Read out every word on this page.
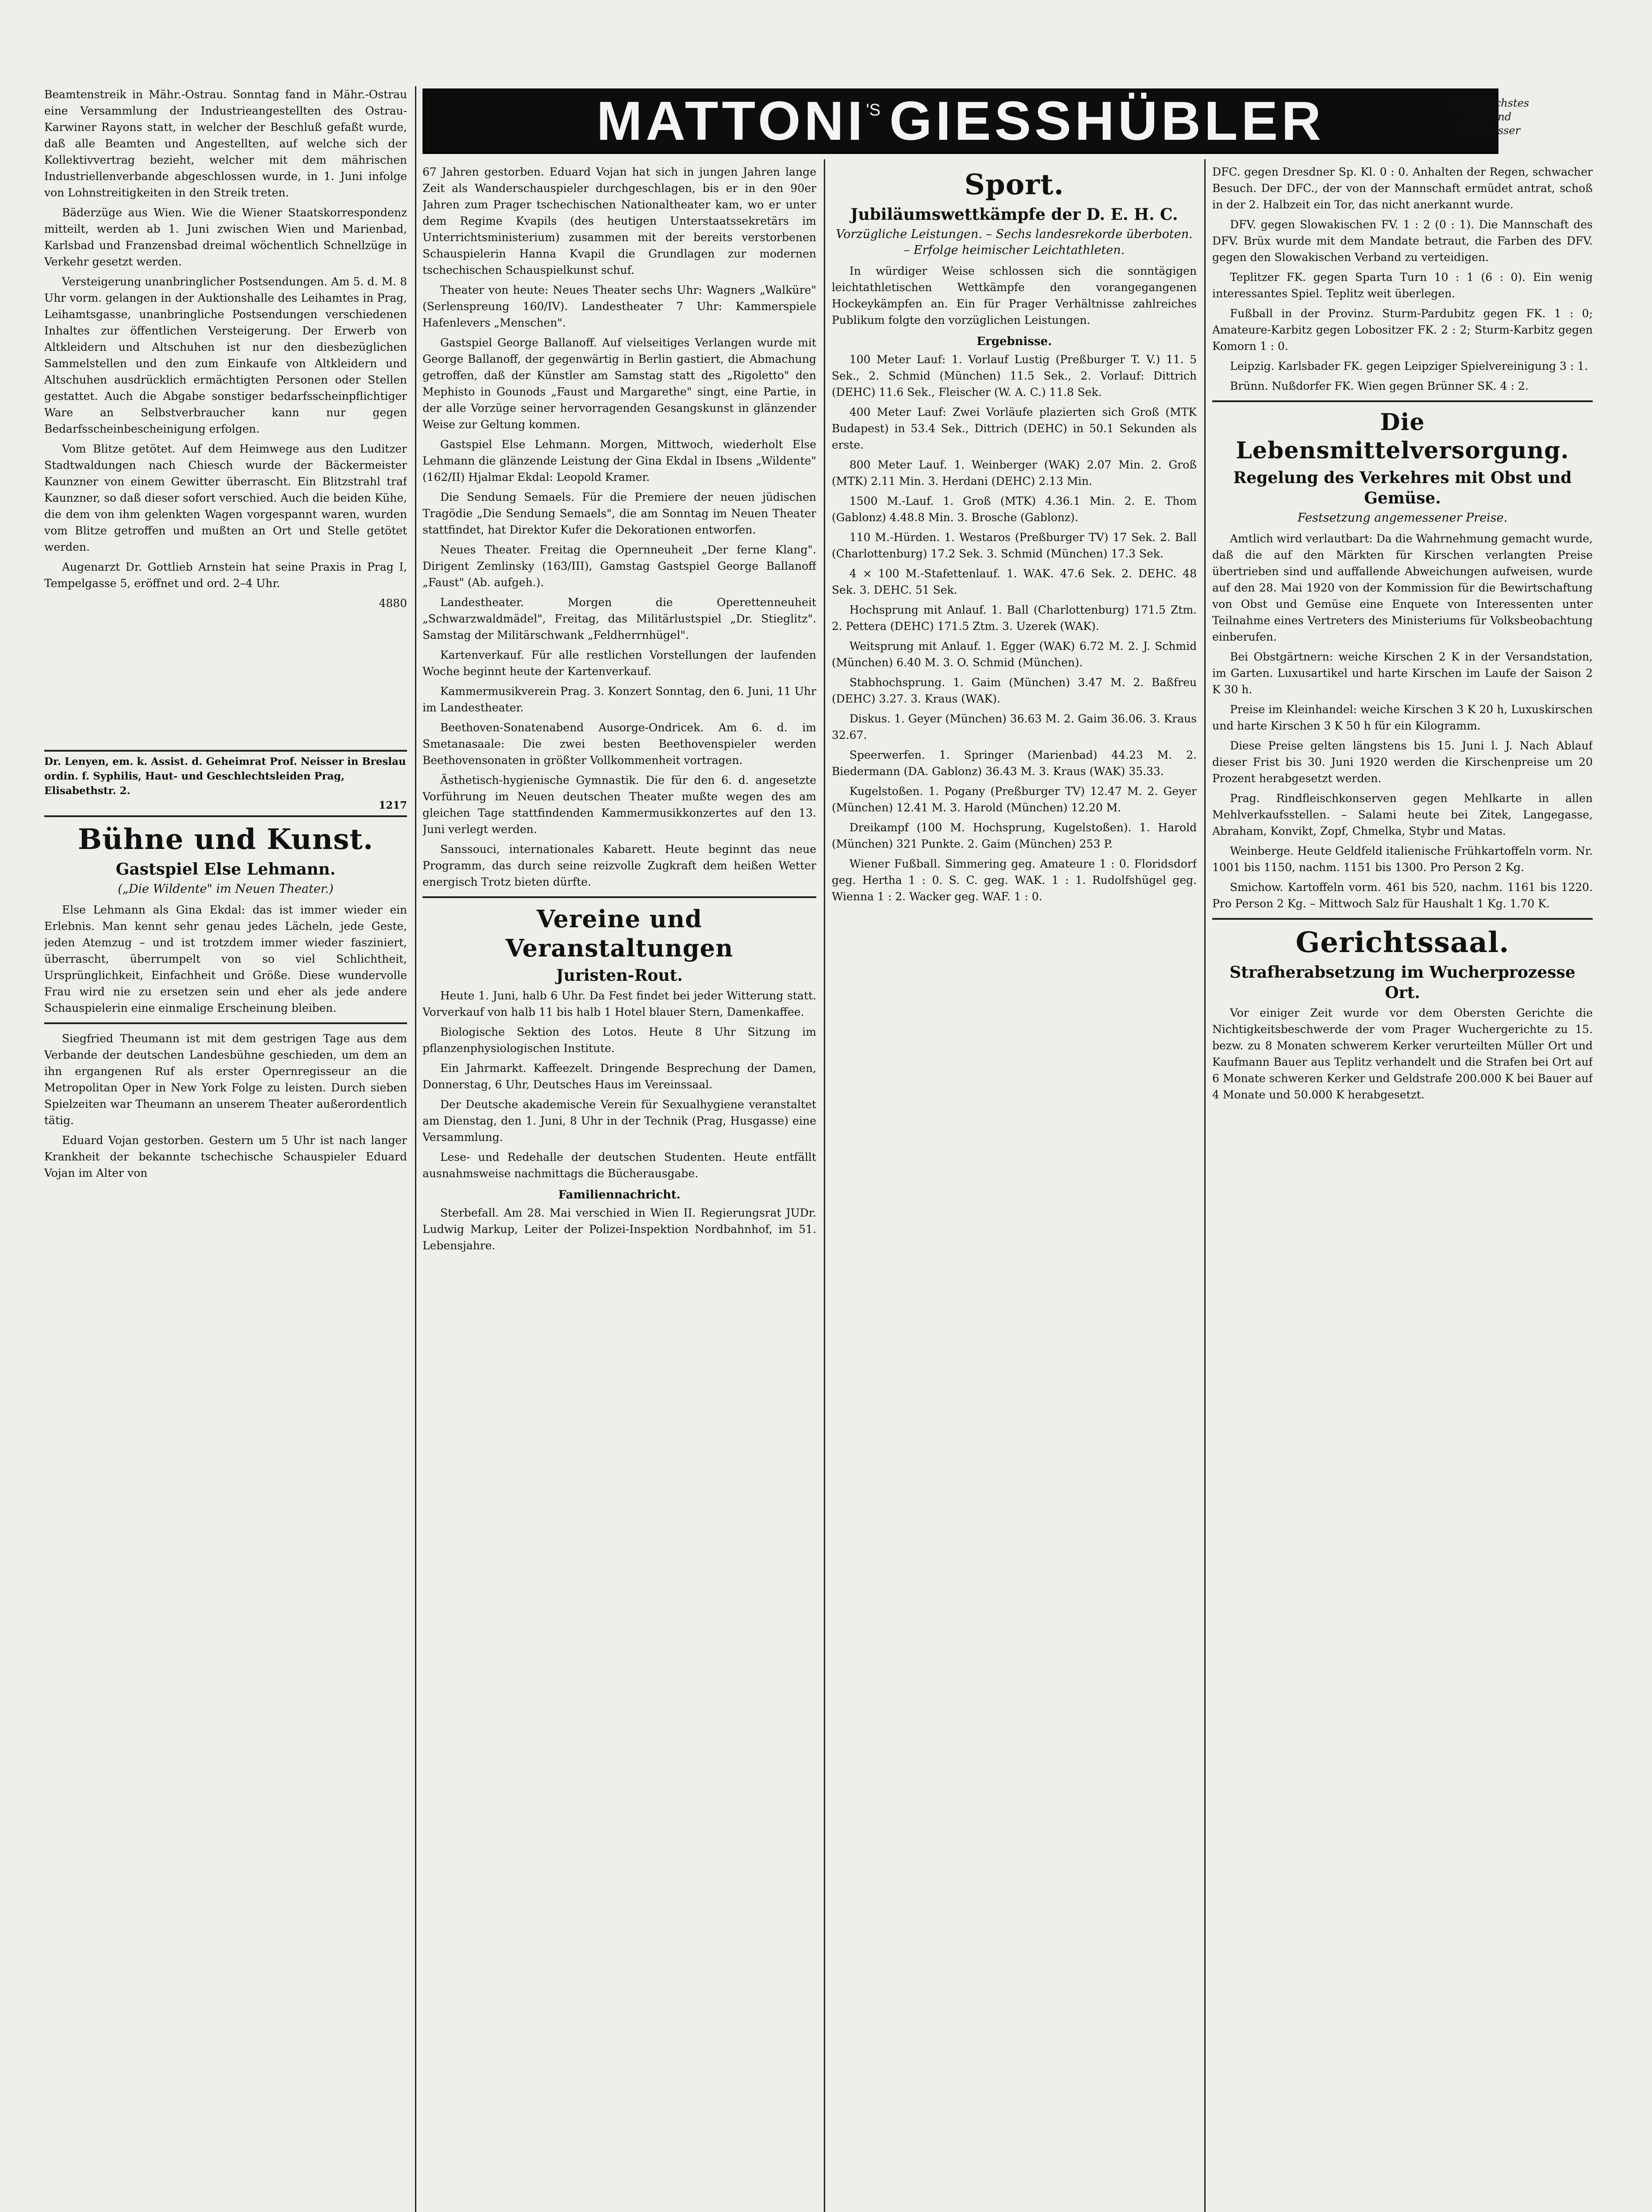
MATTONI 'S GIESSHÜBLER	Vorzüglichstes
Heil und
Tafelwasser

Beamtenstreik in Mähr.-Ostrau. Sonntag fand in Mähr.-Ostrau eine Versammlung der Industrieangestellten des Ostrau-Karwiner Rayons statt, in welcher der Beschluß gefaßt wurde, daß alle Beamten und Angestellten, auf welche sich der Kollektivvertrag bezieht, welcher mit dem mährischen Industriellenverbande abgeschlossen wurde, in 1. Juni infolge von Lohnstreitigkeiten in den Streik treten.

Bäderzüge aus Wien. Wie die Wiener Staatskorrespondenz mitteilt, werden ab 1. Juni zwischen Wien und Marienbad, Karlsbad und Franzensbad dreimal wöchentlich Schnellzüge in Verkehr gesetzt werden.

Versteigerung unanbringlicher Postsendungen. Am 5. d. M. 8 Uhr vorm. gelangen in der Auktionshalle des Leihamtes in Prag, Leihamtsgasse, unanbringliche Postsendungen verschiedenen Inhaltes zur öffentlichen Versteigerung. Der Erwerb von Altkleidern und Altschuhen ist nur den diesbezüglichen Sammelstellen und den zum Einkaufe von Altkleidern und Altschuhen ausdrücklich ermächtigten Personen oder Stellen gestattet. Auch die Abgabe sonstiger bedarfsscheinpflichtiger Ware an Selbstverbraucher kann nur gegen Bedarfsscheinbescheinigung erfolgen.

Vom Blitze getötet. Auf dem Heimwege aus den Luditzer Stadtwaldungen nach Chiesch wurde der Bäckermeister Kaunzner von einem Gewitter überrascht. Ein Blitzstrahl traf Kaunzner, so daß dieser sofort verschied. Auch die beiden Kühe, die dem von ihm gelenkten Wagen vorgespannt waren, wurden vom Blitze getroffen und mußten an Ort und Stelle getötet werden.

Augenarzt Dr. Gottlieb Arnstein hat seine Praxis in Prag I, Tempelgasse 5, eröffnet und ord. 2–4 Uhr.

4880
Dr. Lenyen, em. k. Assist. d. Geheimrat Prof. Neisser in Breslau ordin. f. Syphilis, Haut- und Geschlechtsleiden Prag, Elisabethstr. 2.
1217
Bühne und Kunst.
Gastspiel Else Lehmann.
(„Die Wildente" im Neuen Theater.)

Else Lehmann als Gina Ekdal: das ist immer wieder ein Erlebnis. Man kennt sehr genau jedes Lächeln, jede Geste, jeden Atemzug – und ist trotzdem immer wieder fasziniert, überrascht, überrumpelt von so viel Schlichtheit, Ursprünglichkeit, Einfachheit und Größe. Diese wundervolle Frau wird nie zu ersetzen sein und eher als jede andere Schauspielerin eine einmalige Erscheinung bleiben.

Siegfried Theumann ist mit dem gestrigen Tage aus dem Verbande der deutschen Landesbühne geschieden, um dem an ihn ergangenen Ruf als erster Opernregisseur an die Metropolitan Oper in New York Folge zu leisten. Durch sieben Spielzeiten war Theumann an unserem Theater außerordentlich tätig.

Eduard Vojan gestorben. Gestern um 5 Uhr ist nach langer Krankheit der bekannte tschechische Schauspieler Eduard Vojan im Alter von

67 Jahren gestorben. Eduard Vojan hat sich in jungen Jahren lange Zeit als Wanderschauspieler durchgeschlagen, bis er in den 90er Jahren zum Prager tschechischen Nationaltheater kam, wo er unter dem Regime Kvapils (des heutigen Unterstaatssekretärs im Unterrichtsministerium) zusammen mit der bereits verstorbenen Schauspielerin Hanna Kvapil die Grundlagen zur modernen tschechischen Schauspielkunst schuf.

Theater von heute: Neues Theater sechs Uhr: Wagners „Walküre" (Serlenspreung 160/IV). Landestheater 7 Uhr: Kammerspiele Hafenlevers „Menschen".

Gastspiel George Ballanoff. Auf vielseitiges Verlangen wurde mit George Ballanoff, der gegenwärtig in Berlin gastiert, die Abmachung getroffen, daß der Künstler am Samstag statt des „Rigoletto" den Mephisto in Gounods „Faust und Margarethe" singt, eine Partie, in der alle Vorzüge seiner hervorragenden Gesangskunst in glänzender Weise zur Geltung kommen.

Gastspiel Else Lehmann. Morgen, Mittwoch, wiederholt Else Lehmann die glänzende Leistung der Gina Ekdal in Ibsens „Wildente" (162/II) Hjalmar Ekdal: Leopold Kramer.

Die Sendung Semaels. Für die Premiere der neuen jüdischen Tragödie „Die Sendung Semaels", die am Sonntag im Neuen Theater stattfindet, hat Direktor Kufer die Dekorationen entworfen.

Neues Theater. Freitag die Opernneuheit „Der ferne Klang". Dirigent Zemlinsky (163/III), Gamstag Gastspiel George Ballanoff „Faust" (Ab. aufgeh.).

Landestheater. Morgen die Operettenneuheit „Schwarzwaldmädel", Freitag, das Militärlustspiel „Dr. Stieglitz". Samstag der Militärschwank „Feldherrnhügel".

Kartenverkauf. Für alle restlichen Vorstellungen der laufenden Woche beginnt heute der Kartenverkauf.

Kammermusikverein Prag. 3. Konzert Sonntag, den 6. Juni, 11 Uhr im Landestheater.

Beethoven-Sonatenabend Ausorge-Ondricek. Am 6. d. im Smetanasaale: Die zwei besten Beethovenspieler werden Beethovensonaten in größter Vollkommenheit vortragen.

Ästhetisch-hygienische Gymnastik. Die für den 6. d. angesetzte Vorführung im Neuen deutschen Theater mußte wegen des am gleichen Tage stattfindenden Kammermusikkonzertes auf den 13. Juni verlegt werden.

Sanssouci, internationales Kabarett. Heute beginnt das neue Programm, das durch seine reizvolle Zugkraft dem heißen Wetter energisch Trotz bieten dürfte.

Vereine und Veranstaltungen
Juristen-Rout.

Heute 1. Juni, halb 6 Uhr. Da Fest findet bei jeder Witterung statt. Vorverkauf von halb 11 bis halb 1 Hotel blauer Stern, Damenkaffee.

Biologische Sektion des Lotos. Heute 8 Uhr Sitzung im pflanzenphysiologischen Institute.

Ein Jahrmarkt. Kaffeezelt. Dringende Besprechung der Damen, Donnerstag, 6 Uhr, Deutsches Haus im Vereinssaal.

Der Deutsche akademische Verein für Sexualhygiene veranstaltet am Dienstag, den 1. Juni, 8 Uhr in der Technik (Prag, Husgasse) eine Versammlung.

Lese- und Redehalle der deutschen Studenten. Heute entfällt ausnahmsweise nachmittags die Bücherausgabe.

Familiennachricht.

Sterbefall. Am 28. Mai verschied in Wien II. Regierungsrat JUDr. Ludwig Markup, Leiter der Polizei-Inspektion Nordbahnhof, im 51. Lebensjahre.

Sport.
Jubiläumswettkämpfe der D. E. H. C.
Vorzügliche Leistungen. – Sechs landesrekorde überboten. – Erfolge heimischer Leichtathleten.

In würdiger Weise schlossen sich die sonntägigen leichtathletischen Wettkämpfe den vorangegangenen Hockeykämpfen an. Ein für Prager Verhältnisse zahlreiches Publikum folgte den vorzüglichen Leistungen.

Ergebnisse.

100 Meter Lauf: 1. Vorlauf Lustig (Preßburger T. V.) 11. 5 Sek., 2. Schmid (München) 11.5 Sek., 2. Vorlauf: Dittrich (DEHC) 11.6 Sek., Fleischer (W. A. C.) 11.8 Sek.

400 Meter Lauf: Zwei Vorläufe plazierten sich Groß (MTK Budapest) in 53.4 Sek., Dittrich (DEHC) in 50.1 Sekunden als erste.

800 Meter Lauf. 1. Weinberger (WAK) 2.07 Min. 2. Groß (MTK) 2.11 Min. 3. Herdani (DEHC) 2.13 Min.

1500 M.-Lauf. 1. Groß (MTK) 4.36.1 Min. 2. E. Thom (Gablonz) 4.48.8 Min. 3. Brosche (Gablonz).

110 M.-Hürden. 1. Westaros (Preßburger TV) 17 Sek. 2. Ball (Charlottenburg) 17.2 Sek. 3. Schmid (München) 17.3 Sek.

4 × 100 M.-Stafettenlauf. 1. WAK. 47.6 Sek. 2. DEHC. 48 Sek. 3. DEHC. 51 Sek.

Hochsprung mit Anlauf. 1. Ball (Charlottenburg) 171.5 Ztm. 2. Pettera (DEHC) 171.5 Ztm. 3. Uzerek (WAK).

Weitsprung mit Anlauf. 1. Egger (WAK) 6.72 M. 2. J. Schmid (München) 6.40 M. 3. O. Schmid (München).

Stabhochsprung. 1. Gaim (München) 3.47 M. 2. Baßfreu (DEHC) 3.27. 3. Kraus (WAK).

Diskus. 1. Geyer (München) 36.63 M. 2. Gaim 36.06. 3. Kraus 32.67.

Speerwerfen. 1. Springer (Marienbad) 44.23 M. 2. Biedermann (DA. Gablonz) 36.43 M. 3. Kraus (WAK) 35.33.

Kugelstoßen. 1. Pogany (Preßburger TV) 12.47 M. 2. Geyer (München) 12.41 M. 3. Harold (München) 12.20 M.

Dreikampf (100 M. Hochsprung, Kugelstoßen). 1. Harold (München) 321 Punkte. 2. Gaim (München) 253 P.

Wiener Fußball. Simmering geg. Amateure 1 : 0. Floridsdorf geg. Hertha 1 : 0. S. C. geg. WAK. 1 : 1. Rudolfshügel geg. Wienna 1 : 2. Wacker geg. WAF. 1 : 0.

DFC. gegen Dresdner Sp. Kl. 0 : 0. Anhalten der Regen, schwacher Besuch. Der DFC., der von der Mannschaft ermüdet antrat, schoß in der 2. Halbzeit ein Tor, das nicht anerkannt wurde.

DFV. gegen Slowakischen FV. 1 : 2 (0 : 1). Die Mannschaft des DFV. Brüx wurde mit dem Mandate betraut, die Farben des DFV. gegen den Slowakischen Verband zu verteidigen.

Teplitzer FK. gegen Sparta Turn 10 : 1 (6 : 0). Ein wenig interessantes Spiel. Teplitz weit überlegen.

Fußball in der Provinz. Sturm-Pardubitz gegen FK. 1 : 0; Amateure-Karbitz gegen Lobositzer FK. 2 : 2; Sturm-Karbitz gegen Komorn 1 : 0.

Leipzig. Karlsbader FK. gegen Leipziger Spielvereinigung 3 : 1.

Brünn. Nußdorfer FK. Wien gegen Brünner SK. 4 : 2.

Die Lebensmittelversorgung.
Regelung des Verkehres mit Obst und Gemüse.
Festsetzung angemessener Preise.

Amtlich wird verlautbart: Da die Wahrnehmung gemacht wurde, daß die auf den Märkten für Kirschen verlangten Preise übertrieben sind und auffallende Abweichungen aufweisen, wurde auf den 28. Mai 1920 von der Kommission für die Bewirtschaftung von Obst und Gemüse eine Enquete von Interessenten unter Teilnahme eines Vertreters des Ministeriums für Volksbeobachtung einberufen.

Bei Obstgärtnern: weiche Kirschen 2 K in der Versandstation, im Garten. Luxusartikel und harte Kirschen im Laufe der Saison 2 K 30 h.

Preise im Kleinhandel: weiche Kirschen 3 K 20 h, Luxuskirschen und harte Kirschen 3 K 50 h für ein Kilogramm.

Diese Preise gelten längstens bis 15. Juni l. J. Nach Ablauf dieser Frist bis 30. Juni 1920 werden die Kirschenpreise um 20 Prozent herabgesetzt werden.

Prag. Rindfleischkonserven gegen Mehlkarte in allen Mehlverkaufsstellen. – Salami heute bei Zitek, Langegasse, Abraham, Konvikt, Zopf, Chmelka, Stybr und Matas.

Weinberge. Heute Geldfeld italienische Frühkartoffeln vorm. Nr. 1001 bis 1150, nachm. 1151 bis 1300. Pro Person 2 Kg.

Smichow. Kartoffeln vorm. 461 bis 520, nachm. 1161 bis 1220. Pro Person 2 Kg. – Mittwoch Salz für Haushalt 1 Kg. 1.70 K.

Gerichtssaal.
Strafherabsetzung im Wucherprozesse Ort.

Vor einiger Zeit wurde vor dem Obersten Gerichte die Nichtigkeitsbeschwerde der vom Prager Wuchergerichte zu 15. bezw. zu 8 Monaten schwerem Kerker verurteilten Müller Ort und Kaufmann Bauer aus Teplitz verhandelt und die Strafen bei Ort auf 6 Monate schweren Kerker und Geldstrafe 200.000 K bei Bauer auf 4 Monate und 50.000 K herabgesetzt.
